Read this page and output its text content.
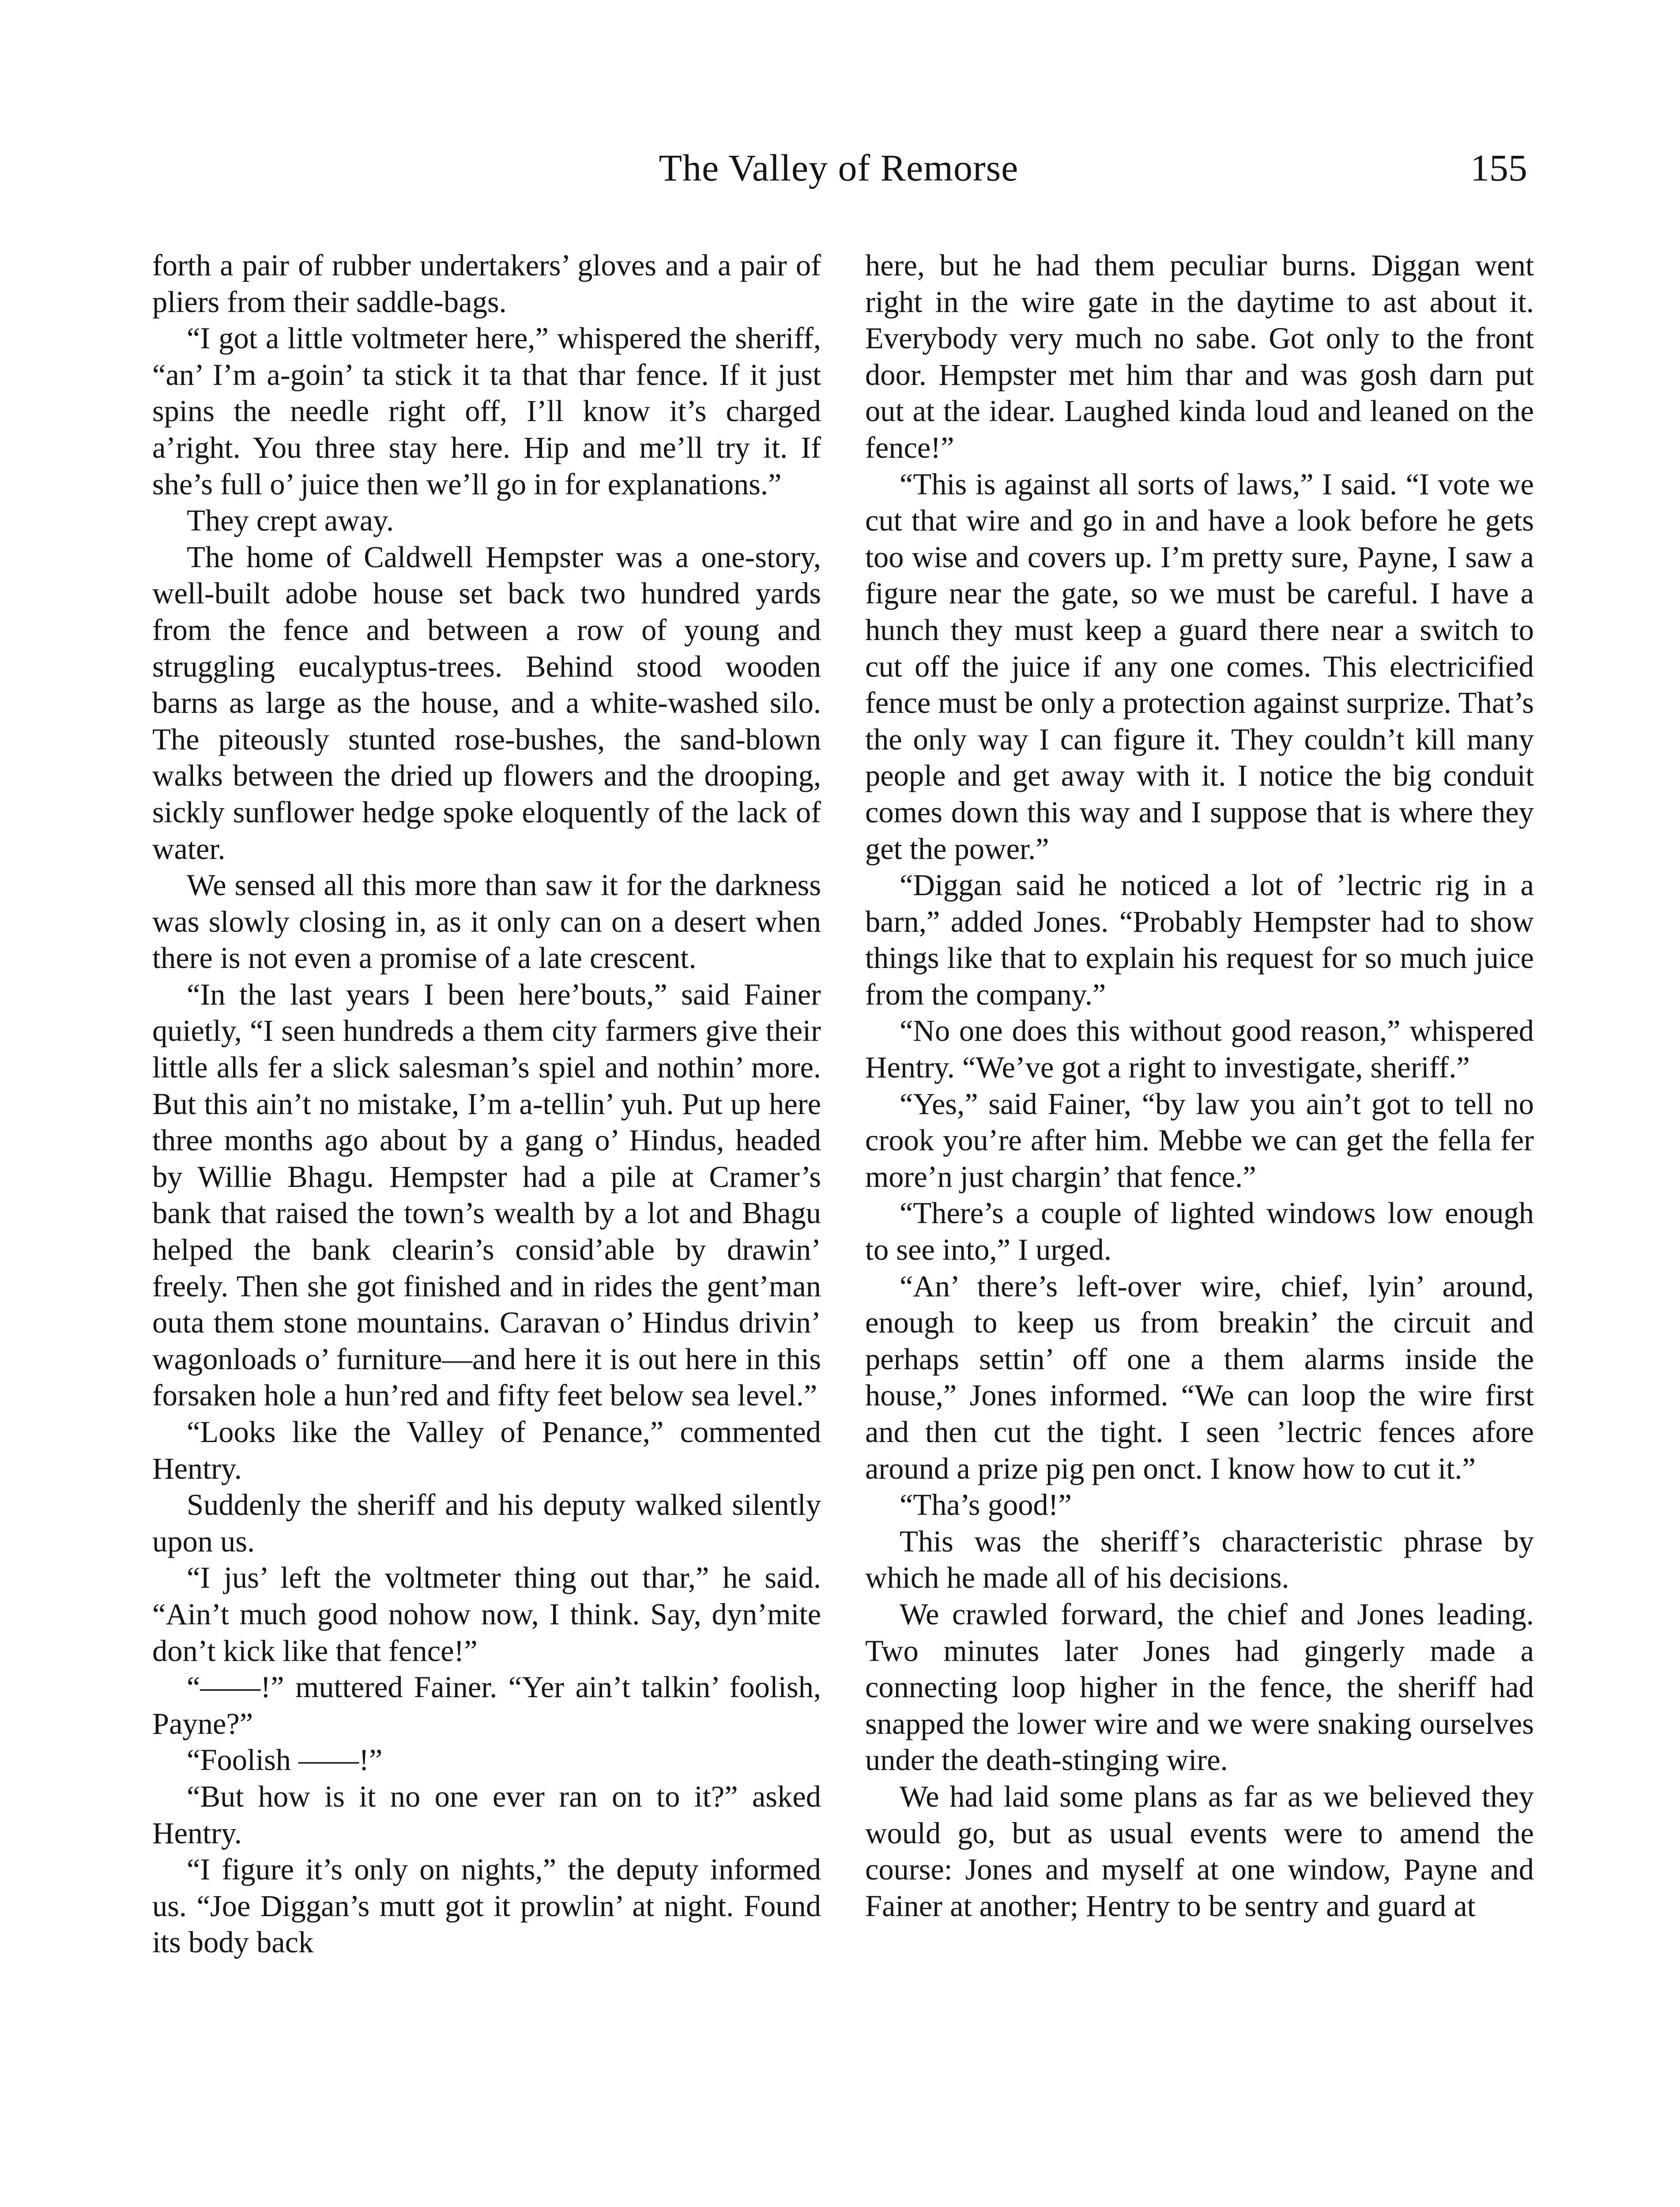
The Valley of Remorse	155

forth a pair of rubber undertakers’ gloves and a pair of pliers from their saddle-bags.

“I got a little voltmeter here,” whispered the sheriff, “an’ I’m a-goin’ ta stick it ta that thar fence. If it just spins the needle right off, I’ll know it’s charged a’right. You three stay here. Hip and me’ll try it. If she’s full o’ juice then we’ll go in for explanations.”

They crept away.

The home of Caldwell Hempster was a one-story, well-built adobe house set back two hundred yards from the fence and between a row of young and struggling eucalyptus-trees. Behind stood wooden barns as large as the house, and a white-washed silo. The piteously stunted rose-bushes, the sand-blown walks between the dried up flowers and the drooping, sickly sunflower hedge spoke eloquently of the lack of water.

We sensed all this more than saw it for the darkness was slowly closing in, as it only can on a desert when there is not even a promise of a late crescent.

“In the last years I been here’bouts,” said Fainer quietly, “I seen hundreds a them city farmers give their little alls fer a slick salesman’s spiel and nothin’ more. But this ain’t no mistake, I’m a-tellin’ yuh. Put up here three months ago about by a gang o’ Hindus, headed by Willie Bhagu. Hempster had a pile at Cramer’s bank that raised the town’s wealth by a lot and Bhagu helped the bank clearin’s consid’able by drawin’ freely. Then she got finished and in rides the gent’man outa them stone mountains. Caravan o’ Hindus drivin’ wagonloads o’ furniture—and here it is out here in this forsaken hole a hun’red and fifty feet below sea level.”

“Looks like the Valley of Penance,” commented Hentry.

Suddenly the sheriff and his deputy walked silently upon us.

“I jus’ left the voltmeter thing out thar,” he said. “Ain’t much good nohow now, I think. Say, dyn’mite don’t kick like that fence!”

“——!” muttered Fainer. “Yer ain’t talkin’ foolish, Payne?”

“Foolish ——!”

“But how is it no one ever ran on to it?” asked Hentry.

“I figure it’s only on nights,” the deputy informed us. “Joe Diggan’s mutt got it prowlin’ at night. Found its body back

here, but he had them peculiar burns. Diggan went right in the wire gate in the daytime to ast about it. Everybody very much no sabe. Got only to the front door. Hempster met him thar and was gosh darn put out at the idear. Laughed kinda loud and leaned on the fence!”

“This is against all sorts of laws,” I said. “I vote we cut that wire and go in and have a look before he gets too wise and covers up. I’m pretty sure, Payne, I saw a figure near the gate, so we must be careful. I have a hunch they must keep a guard there near a switch to cut off the juice if any one comes. This electricified fence must be only a protection against surprize. That’s the only way I can figure it. They couldn’t kill many people and get away with it. I notice the big conduit comes down this way and I suppose that is where they get the power.”

“Diggan said he noticed a lot of ’lectric rig in a barn,” added Jones. “Probably Hempster had to show things like that to explain his request for so much juice from the company.”

“No one does this without good reason,” whispered Hentry. “We’ve got a right to investigate, sheriff.”

“Yes,” said Fainer, “by law you ain’t got to tell no crook you’re after him. Mebbe we can get the fella fer more’n just chargin’ that fence.”

“There’s a couple of lighted windows low enough to see into,” I urged.

“An’ there’s left-over wire, chief, lyin’ around, enough to keep us from breakin’ the circuit and perhaps settin’ off one a them alarms inside the house,” Jones informed. “We can loop the wire first and then cut the tight. I seen ’lectric fences afore around a prize pig pen onct. I know how to cut it.”

“Tha’s good!”

This was the sheriff’s characteristic phrase by which he made all of his decisions.

We crawled forward, the chief and Jones leading. Two minutes later Jones had gingerly made a connecting loop higher in the fence, the sheriff had snapped the lower wire and we were snaking ourselves under the death-stinging wire.

We had laid some plans as far as we believed they would go, but as usual events were to amend the course: Jones and myself at one window, Payne and Fainer at another; Hentry to be sentry and guard at
